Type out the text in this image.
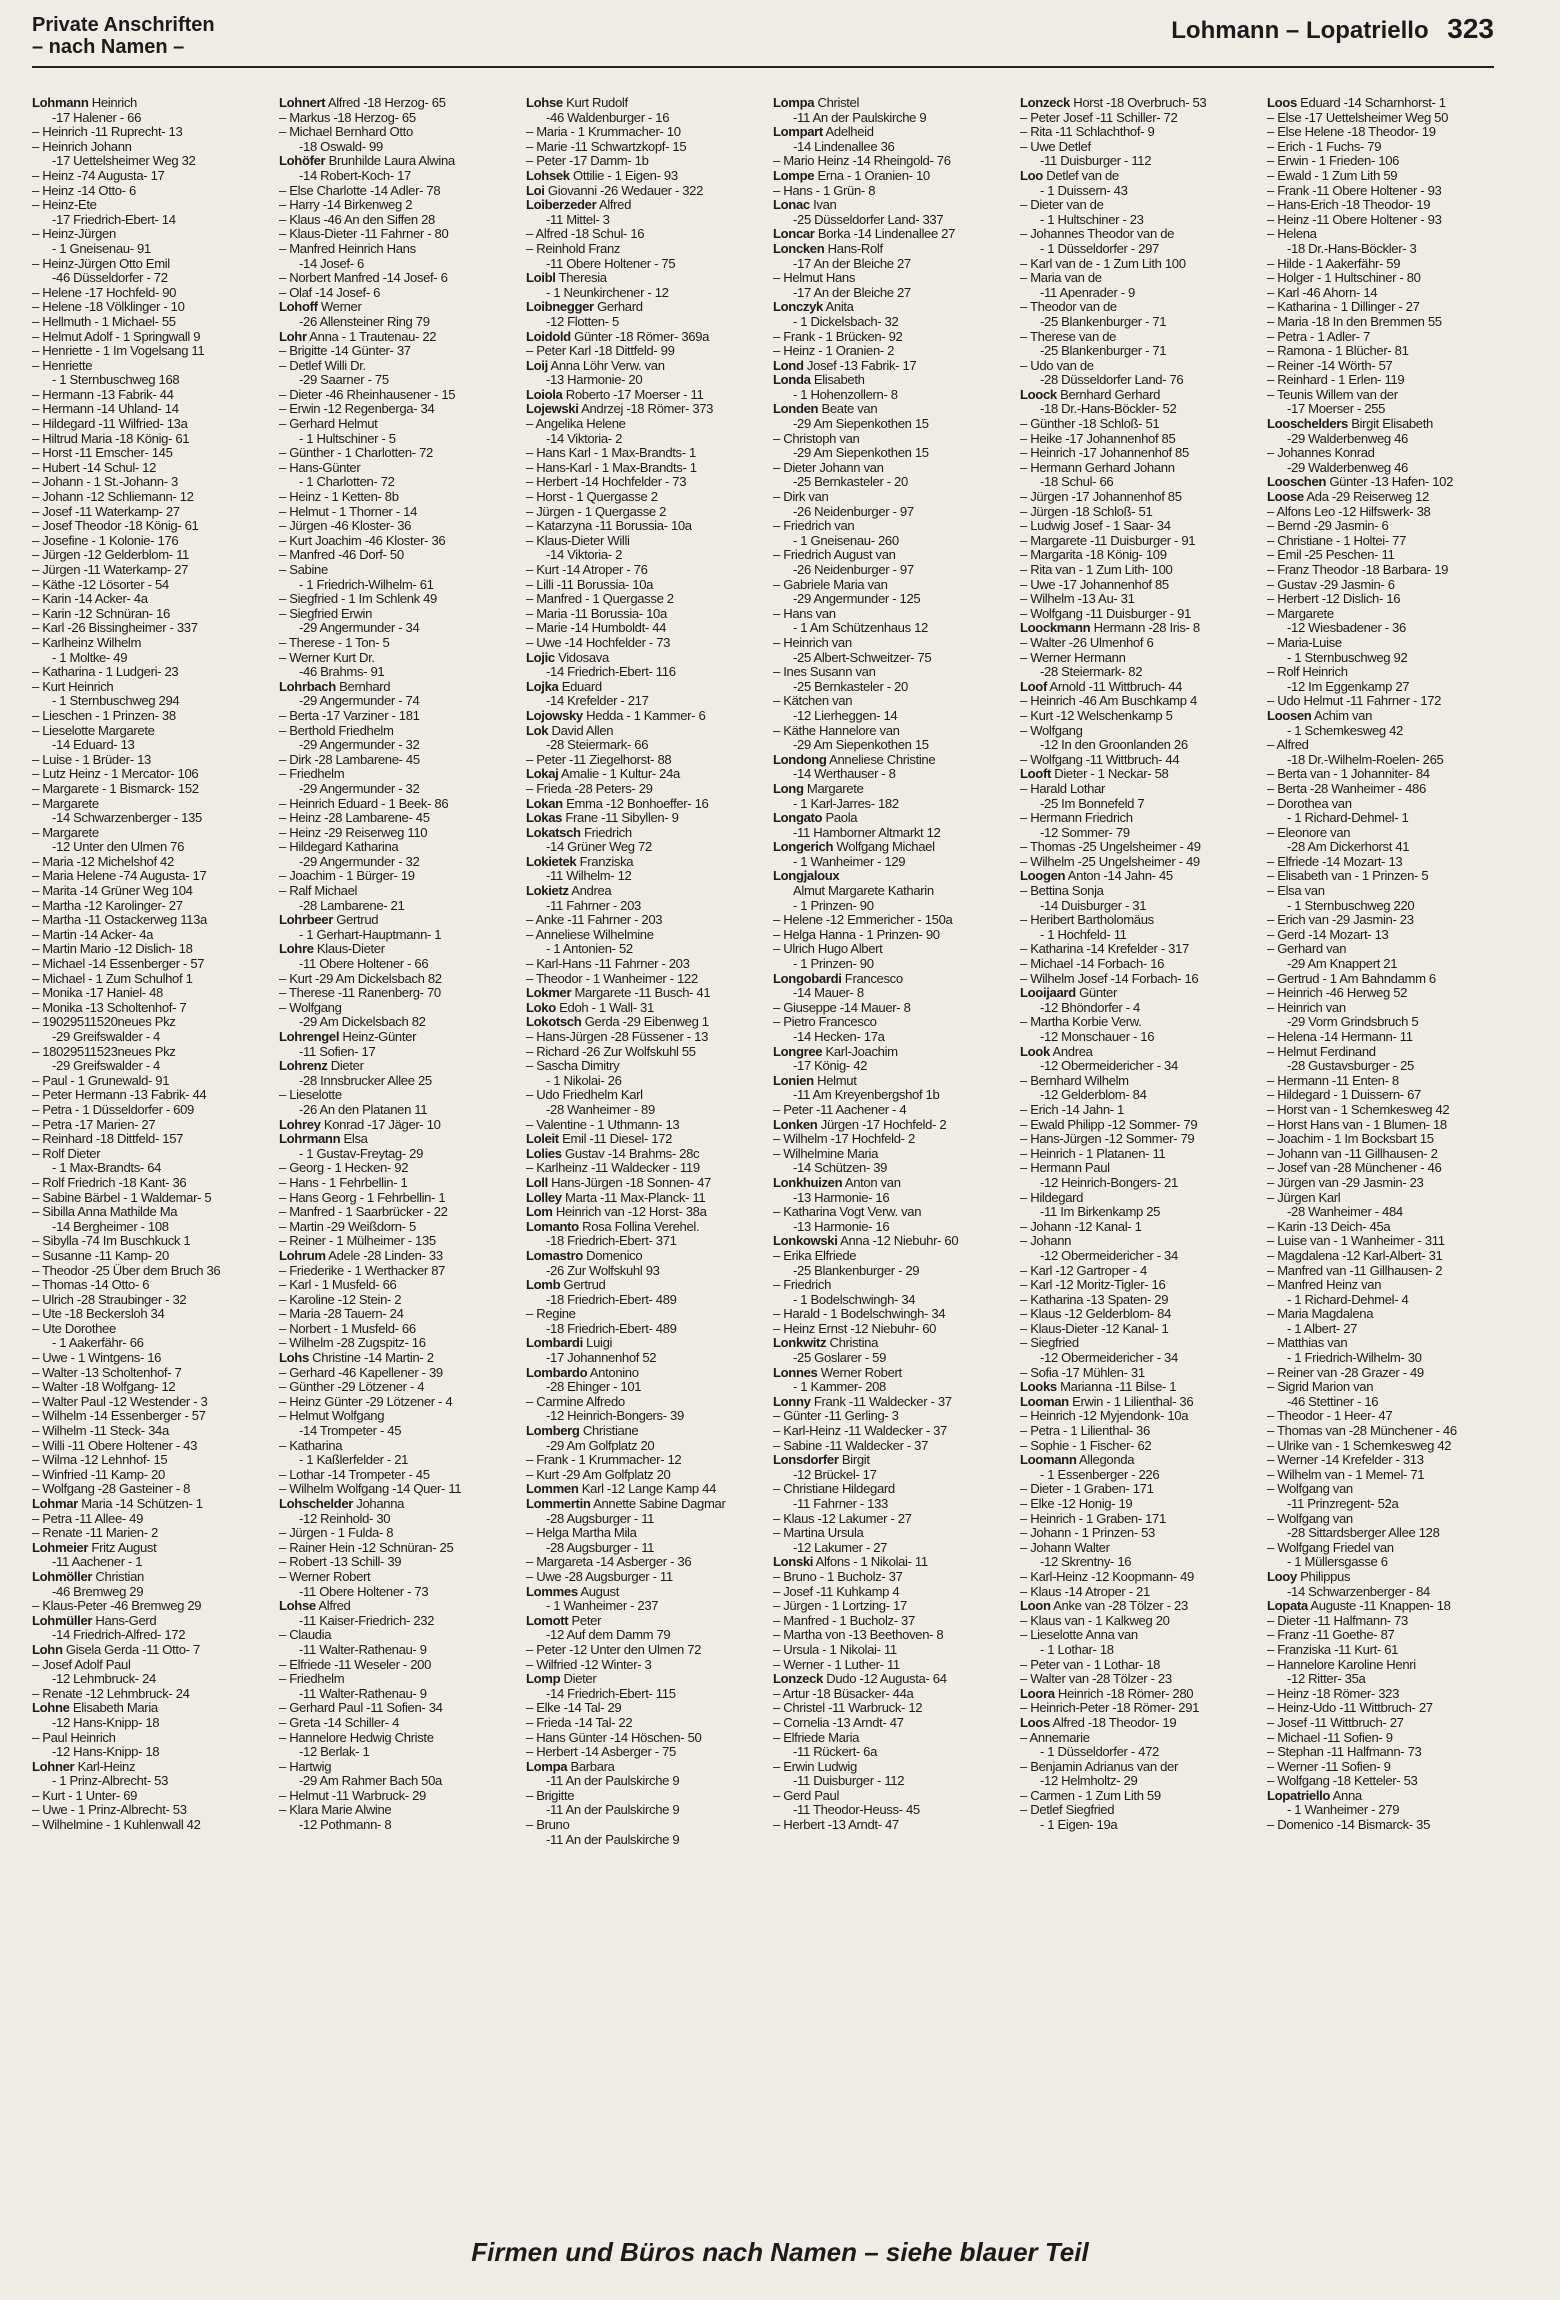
Private Anschriften
– nach Namen –
Lohmann – Lopatriello 323
Lohmann Heinrich
-17 Halener - 66
– Heinrich -11 Ruprecht- 13
– Heinrich Johann
-17 Uettelsheimer Weg 32
– Heinz -74 Augusta- 17
– Heinz -14 Otto- 6
– Heinz-Ete
-17 Friedrich-Ebert- 14
– Heinz-Jürgen
- 1 Gneisenau- 91
– Heinz-Jürgen Otto Emil
-46 Düsseldorfer - 72
– Helene -17 Hochfeld- 90
– Helene -18 Völklinger - 10
– Hellmuth - 1 Michael- 55
– Helmut Adolf - 1 Springwall 9
– Henriette - 1 Im Vogelsang 11
– Henriette
- 1 Sternbuschweg 168
– Hermann -13 Fabrik- 44
– Hermann -14 Uhland- 14
– Hildegard -11 Wilfried- 13a
– Hiltrud Maria -18 König- 61
– Horst -11 Emscher- 145
– Hubert -14 Schul- 12
– Johann - 1 St.-Johann- 3
– Johann -12 Schliemann- 12
– Josef -11 Waterkamp- 27
– Josef Theodor -18 König- 61
– Josefine - 1 Kolonie- 176
– Jürgen -12 Gelderblom- 11
– Jürgen -11 Waterkamp- 27
– Käthe -12 Lösorter - 54
– Karin -14 Acker- 4a
– Karin -12 Schnüran- 16
– Karl -26 Bissingheimer - 337
– Karlheinz Wilhelm
- 1 Moltke- 49
– Katharina - 1 Ludgeri- 23
– Kurt Heinrich
- 1 Sternbuschweg 294
– Lieschen - 1 Prinzen- 38
– Lieselotte Margarete
-14 Eduard- 13
– Luise - 1 Brüder- 13
– Lutz Heinz - 1 Mercator- 106
– Margarete - 1 Bismarck- 152
– Margarete
-14 Schwarzenberger - 135
– Margarete
-12 Unter den Ulmen 76
– Maria -12 Michelshof 42
– Maria Helene -74 Augusta- 17
– Marita -14 Grüner Weg 104
– Martha -12 Karolinger- 27
– Martha -11 Ostackerweg 113a
– Martin -14 Acker- 4a
– Martin Mario -12 Dislich- 18
– Michael -14 Essenberger - 57
– Michael - 1 Zum Schulhof 1
– Monika -17 Haniel- 48
– Monika -13 Scholtenhof- 7
– 19029511520neues Pkz
-29 Greifswalder - 4
– 18029511523neues Pkz
-29 Greifswalder - 4
– Paul - 1 Grunewald- 91
– Peter Hermann -13 Fabrik- 44
– Petra - 1 Düsseldorfer - 609
– Petra -17 Marien- 27
– Reinhard -18 Dittfeld- 157
– Rolf Dieter
- 1 Max-Brandts- 64
– Rolf Friedrich -18 Kant- 36
– Sabine Bärbel - 1 Waldemar- 5
– Sibilla Anna Mathilde Ma
-14 Bergheimer - 108
– Sibylla -74 Im Buschkuck 1
– Susanne -11 Kamp- 20
– Theodor -25 Über dem Bruch 36
– Thomas -14 Otto- 6
– Ulrich -28 Straubinger - 32
– Ute -18 Beckersloh 34
– Ute Dorothee
- 1 Aakerfähr- 66
– Uwe - 1 Wintgens- 16
– Walter -13 Scholtenhof- 7
– Walter -18 Wolfgang- 12
– Walter Paul -12 Westender - 3
– Wilhelm -14 Essenberger - 57
– Wilhelm -11 Steck- 34a
– Willi -11 Obere Holtener - 43
– Wilma -12 Lehnhof- 15
– Winfried -11 Kamp- 20
– Wolfgang -28 Gasteiner - 8
Lohmar Maria -14 Schützen- 1
– Petra -11 Allee- 49
– Renate -11 Marien- 2
Lohmeier Fritz August
-11 Aachener - 1
Lohmöller Christian
-46 Bremweg 29
– Klaus-Peter -46 Bremweg 29
Lohmüller Hans-Gerd
-14 Friedrich-Alfred- 172
Lohn Gisela Gerda -11 Otto- 7
– Josef Adolf Paul
-12 Lehmbruck- 24
– Renate -12 Lehmbruck- 24
Lohne Elisabeth Maria
-12 Hans-Knipp- 18
– Paul Heinrich
-12 Hans-Knipp- 18
Lohner Karl-Heinz
- 1 Prinz-Albrecht- 53
– Kurt - 1 Unter- 69
– Uwe - 1 Prinz-Albrecht- 53
– Wilhelmine - 1 Kuhlenwall 42
Lohnert Alfred -18 Herzog- 65
– Markus -18 Herzog- 65
– Michael Bernhard Otto
-18 Oswald- 99
Lohöfer Brunhilde Laura Alwina
-14 Robert-Koch- 17
– Else Charlotte -14 Adler- 78
– Harry -14 Birkenweg 2
– Klaus -46 An den Siffen 28
– Klaus-Dieter -11 Fahrner - 80
– Manfred Heinrich Hans
-14 Josef- 6
– Norbert Manfred -14 Josef- 6
– Olaf -14 Josef- 6
Lohoff Werner
-26 Allensteiner Ring 79
Lohr Anna - 1 Trautenau- 22
– Brigitte -14 Günter- 37
– Detlef Willi Dr.
-29 Saarner - 75
– Dieter -46 Rheinhausener - 15
– Erwin -12 Regenberga- 34
– Gerhard Helmut
- 1 Hultschiner - 5
– Günther - 1 Charlotten- 72
– Hans-Günter
- 1 Charlotten- 72
– Heinz - 1 Ketten- 8b
– Helmut - 1 Thorner - 14
– Jürgen -46 Kloster- 36
– Kurt Joachim -46 Kloster- 36
– Manfred -46 Dorf- 50
– Sabine
- 1 Friedrich-Wilhelm- 61
– Siegfried - 1 Im Schlenk 49
– Siegfried Erwin
-29 Angermunder - 34
– Therese - 1 Ton- 5
– Werner Kurt Dr.
-46 Brahms- 91
Lohrbach Bernhard
-29 Angermunder - 74
– Berta -17 Varziner - 181
– Berthold Friedhelm
-29 Angermunder - 32
– Dirk -28 Lambarene- 45
– Friedhelm
-29 Angermunder - 32
– Heinrich Eduard - 1 Beek- 86
– Heinz -28 Lambarene- 45
– Heinz -29 Reiserweg 110
– Hildegard Katharina
-29 Angermunder - 32
– Joachim - 1 Bürger- 19
– Ralf Michael
-28 Lambarene- 21
Lohrbeer Gertrud
- 1 Gerhart-Hauptmann- 1
Lohre Klaus-Dieter
-11 Obere Holtener - 66
– Kurt -29 Am Dickelsbach 82
– Therese -11 Ranenberg- 70
– Wolfgang
-29 Am Dickelsbach 82
Lohrengel Heinz-Günter
-11 Sofien- 17
Lohrenz Dieter
-28 Innsbrucker Allee 25
– Lieselotte
-26 An den Platanen 11
Lohrey Konrad -17 Jäger- 10
Lohrmann Elsa
- 1 Gustav-Freytag- 29
– Georg - 1 Hecken- 92
– Hans - 1 Fehrbellin- 1
– Hans Georg - 1 Fehrbellin- 1
– Manfred - 1 Saarbrücker - 22
– Martin -29 Weißdorn- 5
– Reiner - 1 Mülheimer - 135
Lohrum Adele -28 Linden- 33
– Friederike - 1 Werthacker 87
– Karl - 1 Musfeld- 66
– Karoline -12 Stein- 2
– Maria -28 Tauern- 24
– Norbert - 1 Musfeld- 66
– Wilhelm -28 Zugspitz- 16
Lohs Christine -14 Martin- 2
– Gerhard -46 Kapellener - 39
– Günther -29 Lötzener - 4
– Heinz Günter -29 Lötzener - 4
– Helmut Wolfgang
-14 Trompeter - 45
– Katharina
- 1 Kaßlerfelder - 21
– Lothar -14 Trompeter - 45
– Wilhelm Wolfgang -14 Quer- 11
Lohschelder Johanna
-12 Reinhold- 30
– Jürgen - 1 Fulda- 8
– Rainer Hein -12 Schnüran- 25
– Robert -13 Schill- 39
– Werner Robert
-11 Obere Holtener - 73
Lohse Alfred
-11 Kaiser-Friedrich- 232
– Claudia
-11 Walter-Rathenau- 9
– Elfriede -11 Weseler - 200
– Friedhelm
-11 Walter-Rathenau- 9
– Gerhard Paul -11 Sofien- 34
– Greta -14 Schiller- 4
– Hannelore Hedwig Christe
-12 Berlak- 1
– Hartwig
-29 Am Rahmer Bach 50a
– Helmut -11 Warbruck- 29
– Klara Marie Alwine
-12 Pothmann- 8
Lohse Kurt Rudolf
-46 Waldenburger - 16
– Maria - 1 Krummacher- 10
– Marie -11 Schwartzkopf- 15
– Peter -17 Damm- 1b
Lohsek Ottilie - 1 Eigen- 93
Loi Giovanni -26 Wedauer - 322
Loiberzeder Alfred
-11 Mittel- 3
– Alfred -18 Schul- 16
– Reinhold Franz
-11 Obere Holtener - 75
Loibl Theresia
- 1 Neunkirchener - 12
Loibnegger Gerhard
-12 Flotten- 5
Loidold Günter -18 Römer- 369a
– Peter Karl -18 Dittfeld- 99
Loij Anna Löhr Verw. van
-13 Harmonie- 20
Loiola Roberto -17 Moerser - 11
Lojewski Andrzej -18 Römer- 373
– Angelika Helene
-14 Viktoria- 2
– Hans Karl - 1 Max-Brandts- 1
– Hans-Karl - 1 Max-Brandts- 1
– Herbert -14 Hochfelder - 73
– Horst - 1 Quergasse 2
– Jürgen - 1 Quergasse 2
– Katarzyna -11 Borussia- 10a
– Klaus-Dieter Willi
-14 Viktoria- 2
– Kurt -14 Atroper - 76
– Lilli -11 Borussia- 10a
– Manfred - 1 Quergasse 2
– Maria -11 Borussia- 10a
– Marie -14 Humboldt- 44
– Uwe -14 Hochfelder - 73
Lojic Vidosava
-14 Friedrich-Ebert- 116
Lojka Eduard
-14 Krefelder - 217
Lojowsky Hedda - 1 Kammer- 6
Lok David Allen
-28 Steiermark- 66
– Peter -11 Ziegelhorst- 88
Lokaj Amalie - 1 Kultur- 24a
– Frieda -28 Peters- 29
Lokan Emma -12 Bonhoeffer- 16
Lokas Frane -11 Sibyllen- 9
Lokatsch Friedrich
-14 Grüner Weg 72
Lokietek Franziska
-11 Wilhelm- 12
Lokietz Andrea
-11 Fahrner - 203
– Anke -11 Fahrner - 203
– Anneliese Wilhelmine
- 1 Antonien- 52
– Karl-Hans -11 Fahrner - 203
– Theodor - 1 Wanheimer - 122
Lokmer Margarete -11 Busch- 41
Loko Edoh - 1 Wall- 31
Lokotsch Gerda -29 Eibenweg 1
– Hans-Jürgen -28 Füssener - 13
– Richard -26 Zur Wolfskuhl 55
– Sascha Dimitry
- 1 Nikolai- 26
– Udo Friedhelm Karl
-28 Wanheimer - 89
– Valentine - 1 Uthmann- 13
Loleit Emil -11 Diesel- 172
Lolies Gustav -14 Brahms- 28c
– Karlheinz -11 Waldecker - 119
Loll Hans-Jürgen -18 Sonnen- 47
Lolley Marta -11 Max-Planck- 11
Lom Heinrich van -12 Horst- 38a
Lomanto Rosa Follina Verehel.
-18 Friedrich-Ebert- 371
Lomastro Domenico
-26 Zur Wolfskuhl 93
Lomb Gertrud
-18 Friedrich-Ebert- 489
– Regine
-18 Friedrich-Ebert- 489
Lombardi Luigi
-17 Johannenhof 52
Lombardo Antonino
-28 Ehinger - 101
– Carmine Alfredo
-12 Heinrich-Bongers- 39
Lomberg Christiane
-29 Am Golfplatz 20
– Frank - 1 Krummacher- 12
– Kurt -29 Am Golfplatz 20
Lommen Karl -12 Lange Kamp 44
Lommertin Annette Sabine Dagmar
-28 Augsburger - 11
– Helga Martha Mila
-28 Augsburger - 11
– Margareta -14 Asberger - 36
– Uwe -28 Augsburger - 11
Lommes August
- 1 Wanheimer - 237
Lomott Peter
-12 Auf dem Damm 79
– Peter -12 Unter den Ulmen 72
– Wilfried -12 Winter- 3
Lomp Dieter
-14 Friedrich-Ebert- 115
– Elke -14 Tal- 29
– Frieda -14 Tal- 22
– Hans Günter -14 Höschen- 50
– Herbert -14 Asberger - 75
Lompa Barbara
-11 An der Paulskirche 9
– Brigitte
-11 An der Paulskirche 9
– Bruno
-11 An der Paulskirche 9
Lompa Christel
-11 An der Paulskirche 9
Lompart Adelheid
-14 Lindenallee 36
– Mario Heinz -14 Rheingold- 76
Lompe Erna - 1 Oranien- 10
– Hans - 1 Grün- 8
Lonac Ivan
-25 Düsseldorfer Land- 337
Loncar Borka -14 Lindenallee 27
Loncken Hans-Rolf
-17 An der Bleiche 27
– Helmut Hans
-17 An der Bleiche 27
Lonczyk Anita
- 1 Dickelsbach- 32
– Frank - 1 Brücken- 92
– Heinz - 1 Oranien- 2
Lond Josef -13 Fabrik- 17
Londa Elisabeth
- 1 Hohenzollern- 8
Londen Beate van
-29 Am Siepenkothen 15
– Christoph van
-29 Am Siepenkothen 15
– Dieter Johann van
-25 Bernkasteler - 20
– Dirk van
-26 Neidenburger - 97
– Friedrich van
- 1 Gneisenau- 260
– Friedrich August van
-26 Neidenburger - 97
– Gabriele Maria van
-29 Angermunder - 125
– Hans van
- 1 Am Schützenhaus 12
– Heinrich van
-25 Albert-Schweitzer- 75
– Ines Susann van
-25 Bernkasteler - 20
– Kätchen van
-12 Lierheggen- 14
– Käthe Hannelore van
-29 Am Siepenkothen 15
Londong Anneliese Christine
-14 Werthauser - 8
Long Margarete
- 1 Karl-Jarres- 182
Longato Paola
-11 Hamborner Altmarkt 12
Longerich Wolfgang Michael
- 1 Wanheimer - 129
Longjaloux
Almut Margarete Katharin
- 1 Prinzen- 90
– Helene -12 Emmericher - 150a
– Helga Hanna - 1 Prinzen- 90
– Ulrich Hugo Albert
- 1 Prinzen- 90
Longobardi Francesco
-14 Mauer- 8
– Giuseppe -14 Mauer- 8
– Pietro Francesco
-14 Hecken- 17a
Longree Karl-Joachim
-17 König- 42
Lonien Helmut
-11 Am Kreyenbergshof 1b
– Peter -11 Aachener - 4
Lonken Jürgen -17 Hochfeld- 2
– Wilhelm -17 Hochfeld- 2
– Wilhelmine Maria
-14 Schützen- 39
Lonkhuizen Anton van
-13 Harmonie- 16
– Katharina Vogt Verw. van
-13 Harmonie- 16
Lonkowski Anna -12 Niebuhr- 60
– Erika Elfriede
-25 Blankenburger - 29
– Friedrich
- 1 Bodelschwingh- 34
– Harald - 1 Bodelschwingh- 34
– Heinz Ernst -12 Niebuhr- 60
Lonkwitz Christina
-25 Goslarer - 59
Lonnes Werner Robert
- 1 Kammer- 208
Lonny Frank -11 Waldecker - 37
– Günter -11 Gerling- 3
– Karl-Heinz -11 Waldecker - 37
– Sabine -11 Waldecker - 37
Lonsdorfer Birgit
-12 Brückel- 17
– Christiane Hildegard
-11 Fahrner - 133
– Klaus -12 Lakumer - 27
– Martina Ursula
-12 Lakumer - 27
Lonski Alfons - 1 Nikolai- 11
– Bruno - 1 Bucholz- 37
– Josef -11 Kuhkamp 4
– Jürgen - 1 Lortzing- 17
– Manfred - 1 Bucholz- 37
– Martha von -13 Beethoven- 8
– Ursula - 1 Nikolai- 11
– Werner - 1 Luther- 11
Lonzeck Dudo -12 Augusta- 64
– Artur -18 Büsacker- 44a
– Christel -11 Warbruck- 12
– Cornelia -13 Arndt- 47
– Elfriede Maria
-11 Rückert- 6a
– Erwin Ludwig
-11 Duisburger - 112
– Gerd Paul
-11 Theodor-Heuss- 45
– Herbert -13 Arndt- 47
Lonzeck Horst -18 Overbruch- 53
– Peter Josef -11 Schiller- 72
– Rita -11 Schlachthof- 9
– Uwe Detlef
-11 Duisburger - 112
Loo Detlef van de
- 1 Duissern- 43
– Dieter van de
- 1 Hultschiner - 23
– Johannes Theodor van de
- 1 Düsseldorfer - 297
– Karl van de - 1 Zum Lith 100
– Maria van de
-11 Apenrader - 9
– Theodor van de
-25 Blankenburger - 71
– Therese van de
-25 Blankenburger - 71
– Udo van de
-28 Düsseldorfer Land- 76
Loock Bernhard Gerhard
-18 Dr.-Hans-Böckler- 52
– Günther -18 Schloß- 51
– Heike -17 Johannenhof 85
– Heinrich -17 Johannenhof 85
– Hermann Gerhard Johann
-18 Schul- 66
– Jürgen -17 Johannenhof 85
– Jürgen -18 Schloß- 51
– Ludwig Josef - 1 Saar- 34
– Margarete -11 Duisburger - 91
– Margarita -18 König- 109
– Rita van - 1 Zum Lith- 100
– Uwe -17 Johannenhof 85
– Wilhelm -13 Au- 31
– Wolfgang -11 Duisburger - 91
Loockmann Hermann -28 Iris- 8
– Walter -26 Ulmenhof 6
– Werner Hermann
-28 Steiermark- 82
Loof Arnold -11 Wittbruch- 44
– Heinrich -46 Am Buschkamp 4
– Kurt -12 Welschenkamp 5
– Wolfgang
-12 In den Groonlanden 26
– Wolfgang -11 Wittbruch- 44
Looft Dieter - 1 Neckar- 58
– Harald Lothar
-25 Im Bonnefeld 7
– Hermann Friedrich
-12 Sommer- 79
– Thomas -25 Ungelsheimer - 49
– Wilhelm -25 Ungelsheimer - 49
Loogen Anton -14 Jahn- 45
– Bettina Sonja
-14 Duisburger - 31
– Heribert Bartholomäus
- 1 Hochfeld- 11
– Katharina -14 Krefelder - 317
– Michael -14 Forbach- 16
– Wilhelm Josef -14 Forbach- 16
Looijaard Günter
-12 Bhöndorfer - 4
– Martha Korbie Verw.
-12 Monschauer - 16
Look Andrea
-12 Obermeidericher - 34
– Bernhard Wilhelm
-12 Gelderblom- 84
– Erich -14 Jahn- 1
– Ewald Philipp -12 Sommer- 79
– Hans-Jürgen -12 Sommer- 79
– Heinrich - 1 Platanen- 11
– Hermann Paul
-12 Heinrich-Bongers- 21
– Hildegard
-11 Im Birkenkamp 25
– Johann -12 Kanal- 1
– Johann
-12 Obermeidericher - 34
– Karl -12 Gartroper - 4
– Karl -12 Moritz-Tigler- 16
– Katharina -13 Spaten- 29
– Klaus -12 Gelderblom- 84
– Klaus-Dieter -12 Kanal- 1
– Siegfried
-12 Obermeidericher - 34
– Sofia -17 Mühlen- 31
Looks Marianna -11 Bilse- 1
Looman Erwin - 1 Lilienthal- 36
– Heinrich -12 Myjendonk- 10a
– Petra - 1 Lilienthal- 36
– Sophie - 1 Fischer- 62
Loomann Allegonda
- 1 Essenberger - 226
– Dieter - 1 Graben- 171
– Elke -12 Honig- 19
– Heinrich - 1 Graben- 171
– Johann - 1 Prinzen- 53
– Johann Walter
-12 Skrentny- 16
– Karl-Heinz -12 Koopmann- 49
– Klaus -14 Atroper - 21
Loon Anke van -28 Tölzer - 23
– Klaus van - 1 Kalkweg 20
– Lieselotte Anna van
- 1 Lothar- 18
– Peter van - 1 Lothar- 18
– Walter van -28 Tölzer - 23
Loora Heinrich -18 Römer- 280
– Heinrich-Peter -18 Römer- 291
Loos Alfred -18 Theodor- 19
– Annemarie
- 1 Düsseldorfer - 472
– Benjamin Adrianus van der
-12 Helmholtz- 29
– Carmen - 1 Zum Lith 59
– Detlef Siegfried
- 1 Eigen- 19a
Loos Eduard -14 Scharnhorst- 1
– Else -17 Uettelsheimer Weg 50
– Else Helene -18 Theodor- 19
– Erich - 1 Fuchs- 79
– Erwin - 1 Frieden- 106
– Ewald - 1 Zum Lith 59
– Frank -11 Obere Holtener - 93
– Hans-Erich -18 Theodor- 19
– Heinz -11 Obere Holtener - 93
– Helena
-18 Dr.-Hans-Böckler- 3
– Hilde - 1 Aakerfähr- 59
– Holger - 1 Hultschiner - 80
– Karl -46 Ahorn- 14
– Katharina - 1 Dillinger - 27
– Maria -18 In den Bremmen 55
– Petra - 1 Adler- 7
– Ramona - 1 Blücher- 81
– Reiner -14 Wörth- 57
– Reinhard - 1 Erlen- 119
– Teunis Willem van der
-17 Moerser - 255
Looschelders Birgit Elisabeth
-29 Walderbenweg 46
– Johannes Konrad
-29 Walderbenweg 46
Looschen Günter -13 Hafen- 102
Loose Ada -29 Reiserweg 12
– Alfons Leo -12 Hilfswerk- 38
– Bernd -29 Jasmin- 6
– Christiane - 1 Holtei- 77
– Emil -25 Peschen- 11
– Franz Theodor -18 Barbara- 19
– Gustav -29 Jasmin- 6
– Herbert -12 Dislich- 16
– Margarete
-12 Wiesbadener - 36
– Maria-Luise
- 1 Sternbuschweg 92
– Rolf Heinrich
-12 Im Eggenkamp 27
– Udo Helmut -11 Fahrner - 172
Loosen Achim van
- 1 Schemkesweg 42
– Alfred
-18 Dr.-Wilhelm-Roelen- 265
– Berta van - 1 Johanniter- 84
– Berta -28 Wanheimer - 486
– Dorothea van
- 1 Richard-Dehmel- 1
– Eleonore van
-28 Am Dickerhorst 41
– Elfriede -14 Mozart- 13
– Elisabeth van - 1 Prinzen- 5
– Elsa van
- 1 Sternbuschweg 220
– Erich van -29 Jasmin- 23
– Gerd -14 Mozart- 13
– Gerhard van
-29 Am Knappert 21
– Gertrud - 1 Am Bahndamm 6
– Heinrich -46 Herweg 52
– Heinrich van
-29 Vorm Grindsbruch 5
– Helena -14 Hermann- 11
– Helmut Ferdinand
-28 Gustavsburger - 25
– Hermann -11 Enten- 8
– Hildegard - 1 Duissern- 67
– Horst van - 1 Schemkesweg 42
– Horst Hans van - 1 Blumen- 18
– Joachim - 1 Im Bocksbart 15
– Johann van -11 Gillhausen- 2
– Josef van -28 Münchener - 46
– Jürgen van -29 Jasmin- 23
– Jürgen Karl
-28 Wanheimer - 484
– Karin -13 Deich- 45a
– Luise van - 1 Wanheimer - 311
– Magdalena -12 Karl-Albert- 31
– Manfred van -11 Gillhausen- 2
– Manfred Heinz van
- 1 Richard-Dehmel- 4
– Maria Magdalena
- 1 Albert- 27
– Matthias van
- 1 Friedrich-Wilhelm- 30
– Reiner van -28 Grazer - 49
– Sigrid Marion van
-46 Stettiner - 16
– Theodor - 1 Heer- 47
– Thomas van -28 Münchener - 46
– Ulrike van - 1 Schemkesweg 42
– Werner -14 Krefelder - 313
– Wilhelm van - 1 Memel- 71
– Wolfgang van
-11 Prinzregent- 52a
– Wolfgang van
-28 Sittardsberger Allee 128
– Wolfgang Friedel van
- 1 Müllersgasse 6
Looy Philippus
-14 Schwarzenberger - 84
Lopata Auguste -11 Knappen- 18
– Dieter -11 Halfmann- 73
– Franz -11 Goethe- 87
– Franziska -11 Kurt- 61
– Hannelore Karoline Henri
-12 Ritter- 35a
– Heinz -18 Römer- 323
– Heinz-Udo -11 Wittbruch- 27
– Josef -11 Wittbruch- 27
– Michael -11 Sofien- 9
– Stephan -11 Halfmann- 73
– Werner -11 Sofien- 9
– Wolfgang -18 Ketteler- 53
Lopatriello Anna
- 1 Wanheimer - 279
– Domenico -14 Bismarck- 35
Firmen und Büros nach Namen – siehe blauer Teil
